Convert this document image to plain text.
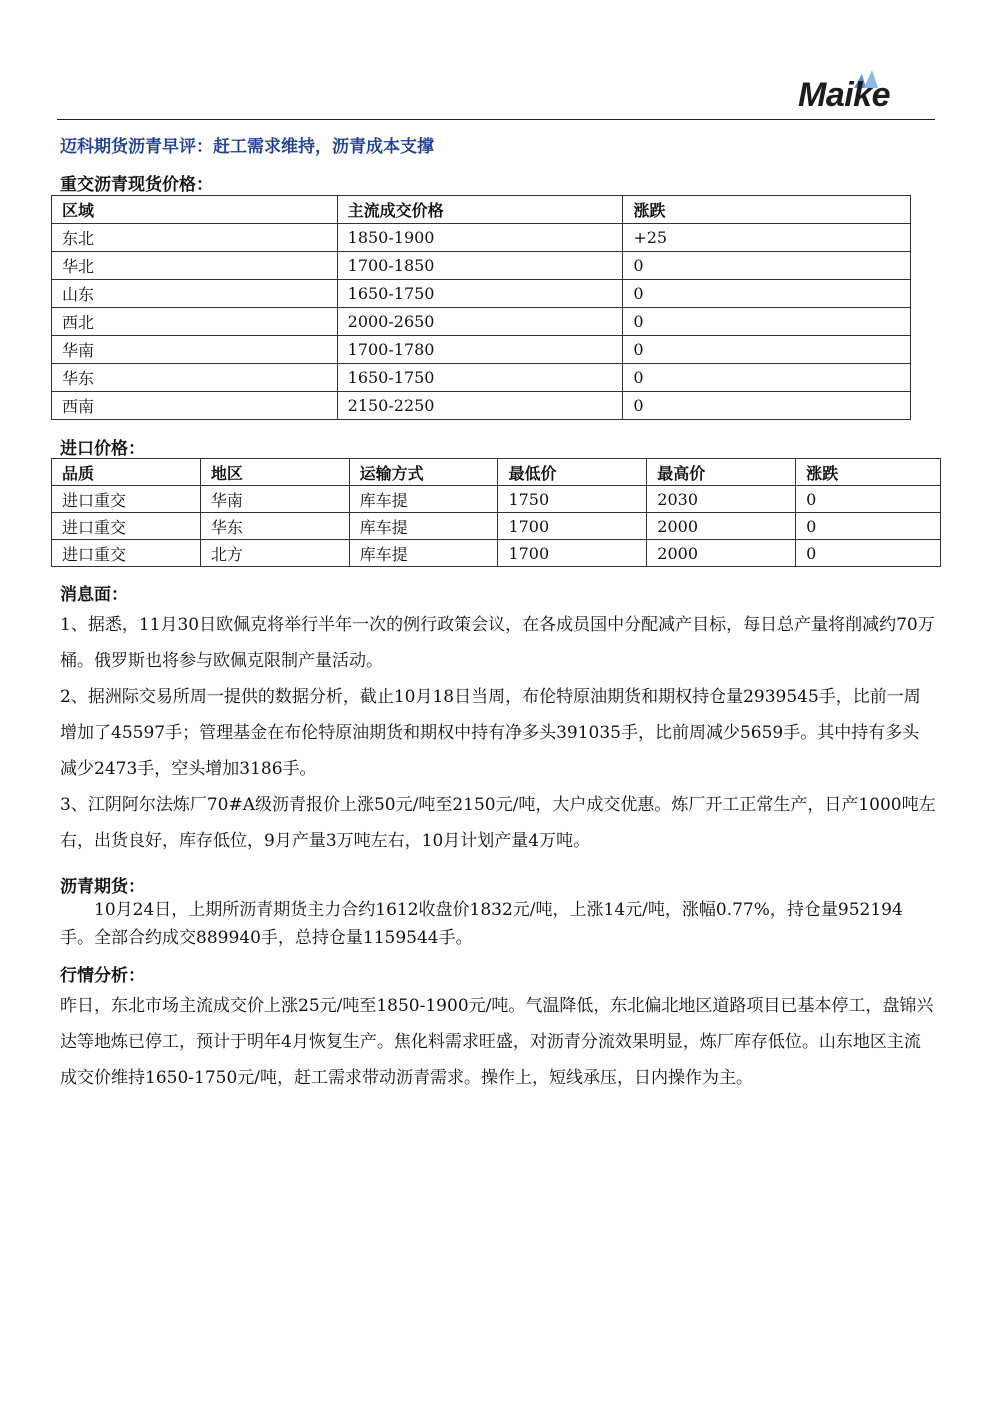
Maike
迈科期货沥青早评：赶工需求维持，沥青成本支撑
重交沥青现货价格：
区域	主流成交价格	涨跌
东北	1850-1900	+25
华北	1700-1850	0
山东	1650-1750	0
西北	2000-2650	0
华南	1700-1780	0
华东	1650-1750	0
西南	2150-2250	0
进口价格：
品质	地区	运输方式	最低价	最高价	涨跌
进口重交	华南	库车提	1750	2030	0
进口重交	华东	库车提	1700	2000	0
进口重交	北方	库车提	1700	2000	0
消息面：
1、据悉，11月30日欧佩克将举行半年一次的例行政策会议，在各成员国中分配减产目标，每日总产量将削减约70万桶。俄罗斯也将参与欧佩克限制产量活动。
2、据洲际交易所周一提供的数据分析，截止10月18日当周，布伦特原油期货和期权持仓量2939545手，比前一周增加了45597手；管理基金在布伦特原油期货和期权中持有净多头391035手，比前周减少5659手。其中持有多头减少2473手，空头增加3186手。
3、江阴阿尔法炼厂70#A级沥青报价上涨50元/吨至2150元/吨，大户成交优惠。炼厂开工正常生产，日产1000吨左右，出货良好，库存低位，9月产量3万吨左右，10月计划产量4万吨。
沥青期货：
10月24日，上期所沥青期货主力合约1612收盘价1832元/吨，上涨14元/吨，涨幅0.77%，持仓量952194手。全部合约成交889940手，总持仓量1159544手。
行情分析：
昨日，东北市场主流成交价上涨25元/吨至1850-1900元/吨。气温降低，东北偏北地区道路项目已基本停工，盘锦兴达等地炼已停工，预计于明年4月恢复生产。焦化料需求旺盛，对沥青分流效果明显，炼厂库存低位。山东地区主流成交价维持1650-1750元/吨，赶工需求带动沥青需求。操作上，短线承压，日内操作为主。
